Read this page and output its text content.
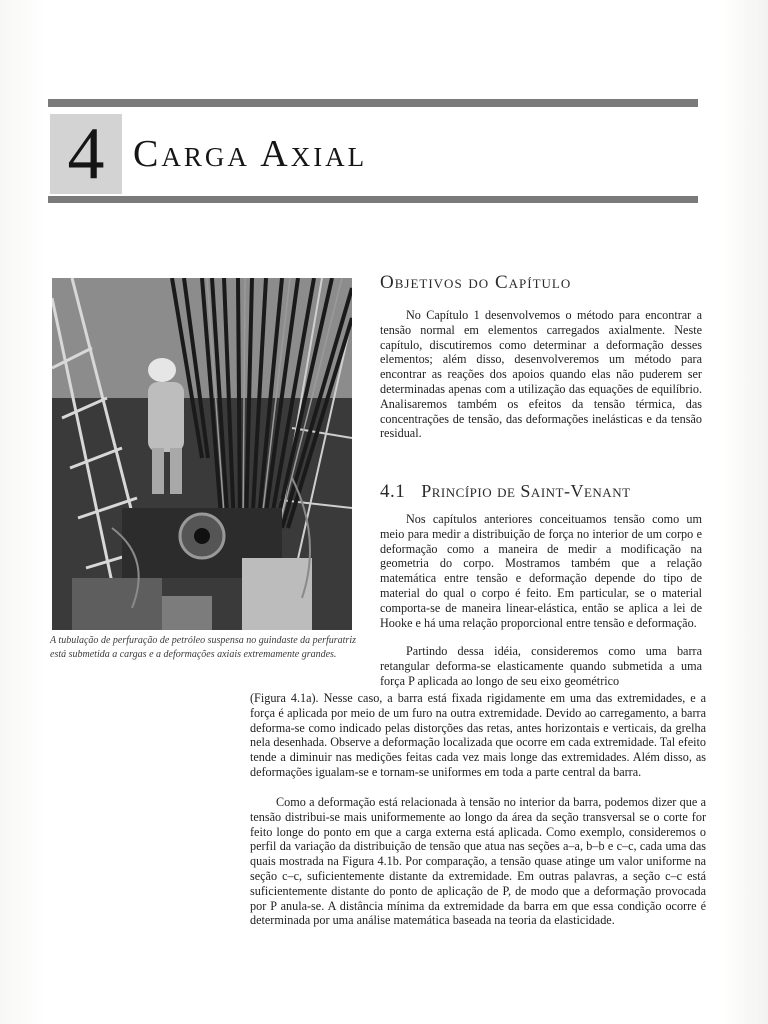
4 Carga Axial
A tubulação de perfuração de petróleo suspensa no guindaste da perfuratriz está submetida a cargas e a deformações axiais extremamente grandes.
Objetivos do Capítulo

No Capítulo 1 desenvolvemos o método para encontrar a tensão normal em elementos carregados axialmente. Neste capítulo, discutiremos como determinar a deformação desses elementos; além disso, desenvolveremos um método para encontrar as reações dos apoios quando elas não puderem ser determinadas apenas com a utilização das equações de equilíbrio. Analisaremos também os efeitos da tensão térmica, das concentrações de tensão, das deformações inelásticas e da tensão residual.

4.1 Princípio de Saint-Venant

Nos capítulos anteriores conceituamos tensão como um meio para medir a distribuição de força no interior de um corpo e deformação como a maneira de medir a modificação na geometria do corpo. Mostramos também que a relação matemática entre tensão e deformação depende do tipo de material do qual o corpo é feito. Em particular, se o material comporta-se de maneira linear-elástica, então se aplica a lei de Hooke e há uma relação proporcional entre tensão e deformação.

Partindo dessa idéia, consideremos como uma barra retangular deforma-se elasticamente quando submetida a uma força P aplicada ao longo de seu eixo geométrico

(Figura 4.1a). Nesse caso, a barra está fixada rigidamente em uma das extremidades, e a força é aplicada por meio de um furo na outra extremidade. Devido ao carregamento, a barra deforma-se como indicado pelas distorções das retas, antes horizontais e verticais, da grelha nela desenhada. Observe a deformação localizada que ocorre em cada extremidade. Tal efeito tende a diminuir nas medições feitas cada vez mais longe das extremidades. Além disso, as deformações igualam-se e tornam-se uniformes em toda a parte central da barra.

Como a deformação está relacionada à tensão no interior da barra, podemos dizer que a tensão distribui-se mais uniformemente ao longo da área da seção transversal se o corte for feito longe do ponto em que a carga externa está aplicada. Como exemplo, consideremos o perfil da variação da distribuição de tensão que atua nas seções a–a, b–b e c–c, cada uma das quais mostrada na Figura 4.1b. Por comparação, a tensão quase atinge um valor uniforme na seção c–c, suficientemente distante da extremidade. Em outras palavras, a seção c–c está suficientemente distante do ponto de aplicação de P, de modo que a deformação provocada por P anula-se. A distância mínima da extremidade da barra em que essa condição ocorre é determinada por uma análise matemática baseada na teoria da elasticidade.
